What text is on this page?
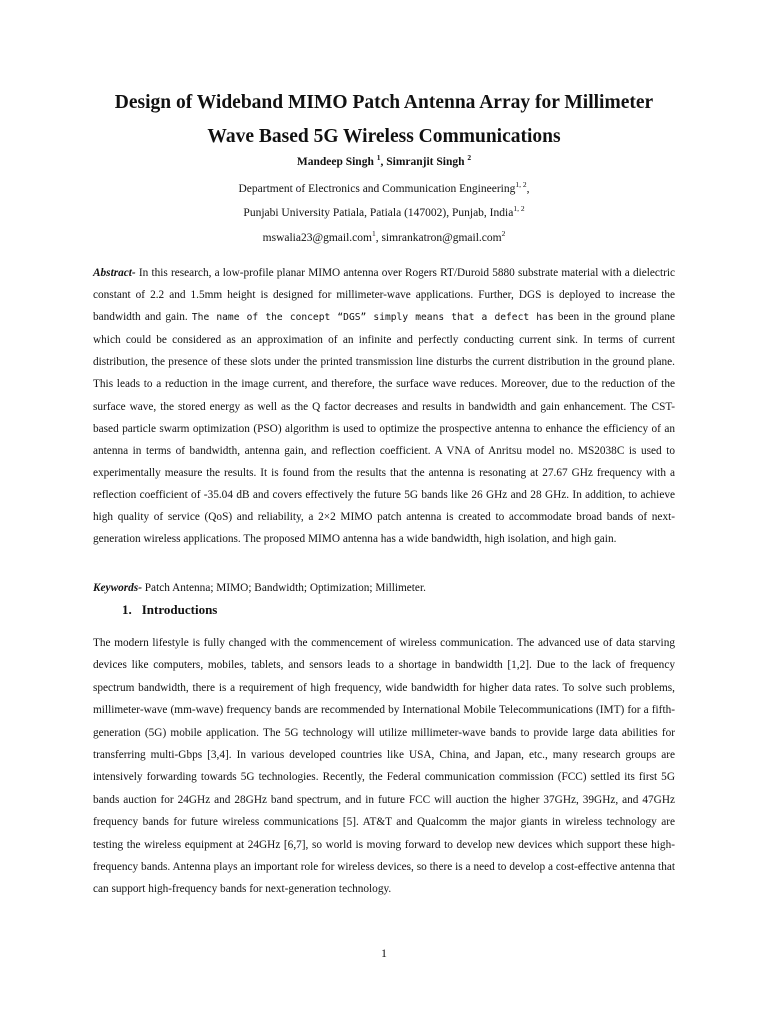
Design of Wideband MIMO Patch Antenna Array for Millimeter
Wave Based 5G Wireless Communications
Mandeep Singh $^1$, Simranjit Singh $^2$
Department of Electronics and Communication Engineering$^{1, 2}$,
Punjabi University Patiala, Patiala (147002), Punjab, India$^{1, 2}$
mswalia23@gmail.com$^1$, simrankatron@gmail.com$^2$

Abstract- In this research, a low-profile planar MIMO antenna over Rogers RT/Duroid 5880 substrate material with a dielectric constant of 2.2 and 1.5mm height is designed for millimeter-wave applications. Further, DGS is deployed to increase the bandwidth and gain. The name of the concept “DGS” simply means that a defect has been in the ground plane which could be considered as an approximation of an infinite and perfectly conducting current sink. In terms of current distribution, the presence of these slots under the printed transmission line disturbs the current distribution in the ground plane. This leads to a reduction in the image current, and therefore, the surface wave reduces. Moreover, due to the reduction of the surface wave, the stored energy as well as the Q factor decreases and results in bandwidth and gain enhancement. The CST-based particle swarm optimization (PSO) algorithm is used to optimize the prospective antenna to enhance the efficiency of an antenna in terms of bandwidth, antenna gain, and reflection coefficient. A VNA of Anritsu model no. MS2038C is used to experimentally measure the results. It is found from the results that the antenna is resonating at 27.67 GHz frequency with a reflection coefficient of -35.04 dB and covers effectively the future 5G bands like 26 GHz and 28 GHz. In addition, to achieve high quality of service (QoS) and reliability, a 2×2 MIMO patch antenna is created to accommodate broad bands of next-generation wireless applications. The proposed MIMO antenna has a wide bandwidth, high isolation, and high gain.

Keywords- Patch Antenna; MIMO; Bandwidth; Optimization; Millimeter.
1. Introductions

The modern lifestyle is fully changed with the commencement of wireless communication. The advanced use of data starving devices like computers, mobiles, tablets, and sensors leads to a shortage in bandwidth [1,2]. Due to the lack of frequency spectrum bandwidth, there is a requirement of high frequency, wide bandwidth for higher data rates. To solve such problems, millimeter-wave (mm-wave) frequency bands are recommended by International Mobile Telecommunications (IMT) for a fifth-generation (5G) mobile application. The 5G technology will utilize millimeter-wave bands to provide large data abilities for transferring multi-Gbps [3,4]. In various developed countries like USA, China, and Japan, etc., many research groups are intensively forwarding towards 5G technologies. Recently, the Federal communication commission (FCC) settled its first 5G bands auction for 24GHz and 28GHz band spectrum, and in future FCC will auction the higher 37GHz, 39GHz, and 47GHz frequency bands for future wireless communications [5]. AT&T and Qualcomm the major giants in wireless technology are testing the wireless equipment at 24GHz [6,7], so world is moving forward to develop new devices which support these high-frequency bands. Antenna plays an important role for wireless devices, so there is a need to develop a cost-effective antenna that can support high-frequency bands for next-generation technology.

1
